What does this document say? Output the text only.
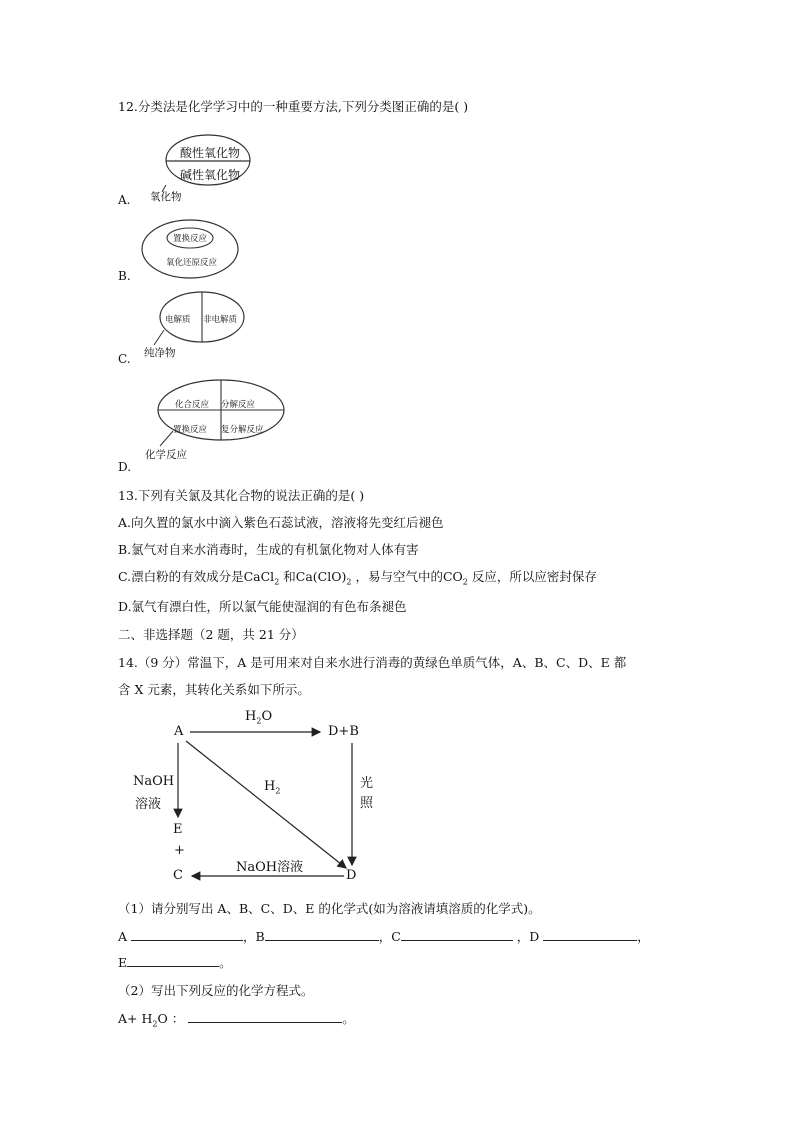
12.分类法是化学学习中的一种重要方法,下列分类图正确的是( )
酸性氧化物
碱性氧化物
氧化物
A.
置换反应
氧化还原反应
B.
电解质 非电解质
纯净物
C.
化合反应 分解反应
置换反应 复分解反应
化学反应
D.
13.下列有关氯及其化合物的说法正确的是( )
A.向久置的氯水中滴入紫色石蕊试液，溶液将先变红后褪色
B.氯气对自来水消毒时，生成的有机氯化物对人体有害
C.漂白粉的有效成分是CaCl$_2$ 和$Ca(ClO)_2$ ，易与空气中的$CO_2$ 反应，所以应密封保存
D.氯气有漂白性，所以氯气能使湿润的有色布条褪色
二、非选择题（2 题，共 21 分）
14.（9 分）常温下，A 是可用来对自来水进行消毒的黄绿色单质气体，A、B、C、D、E 都
含 X 元素，其转化关系如下所示。
A	D+B
$H_2O$
NaOH
溶液
$H_2$
光
照
E
+
C
NaOH溶液
D
（1）请分别写出 A、B、C、D、E 的化学式(如为溶液请填溶质的化学式)。
A	，B	，C	，D	，
E	。
（2）写出下列反应的化学方程式。
$A+ H_2O$ ：	。
